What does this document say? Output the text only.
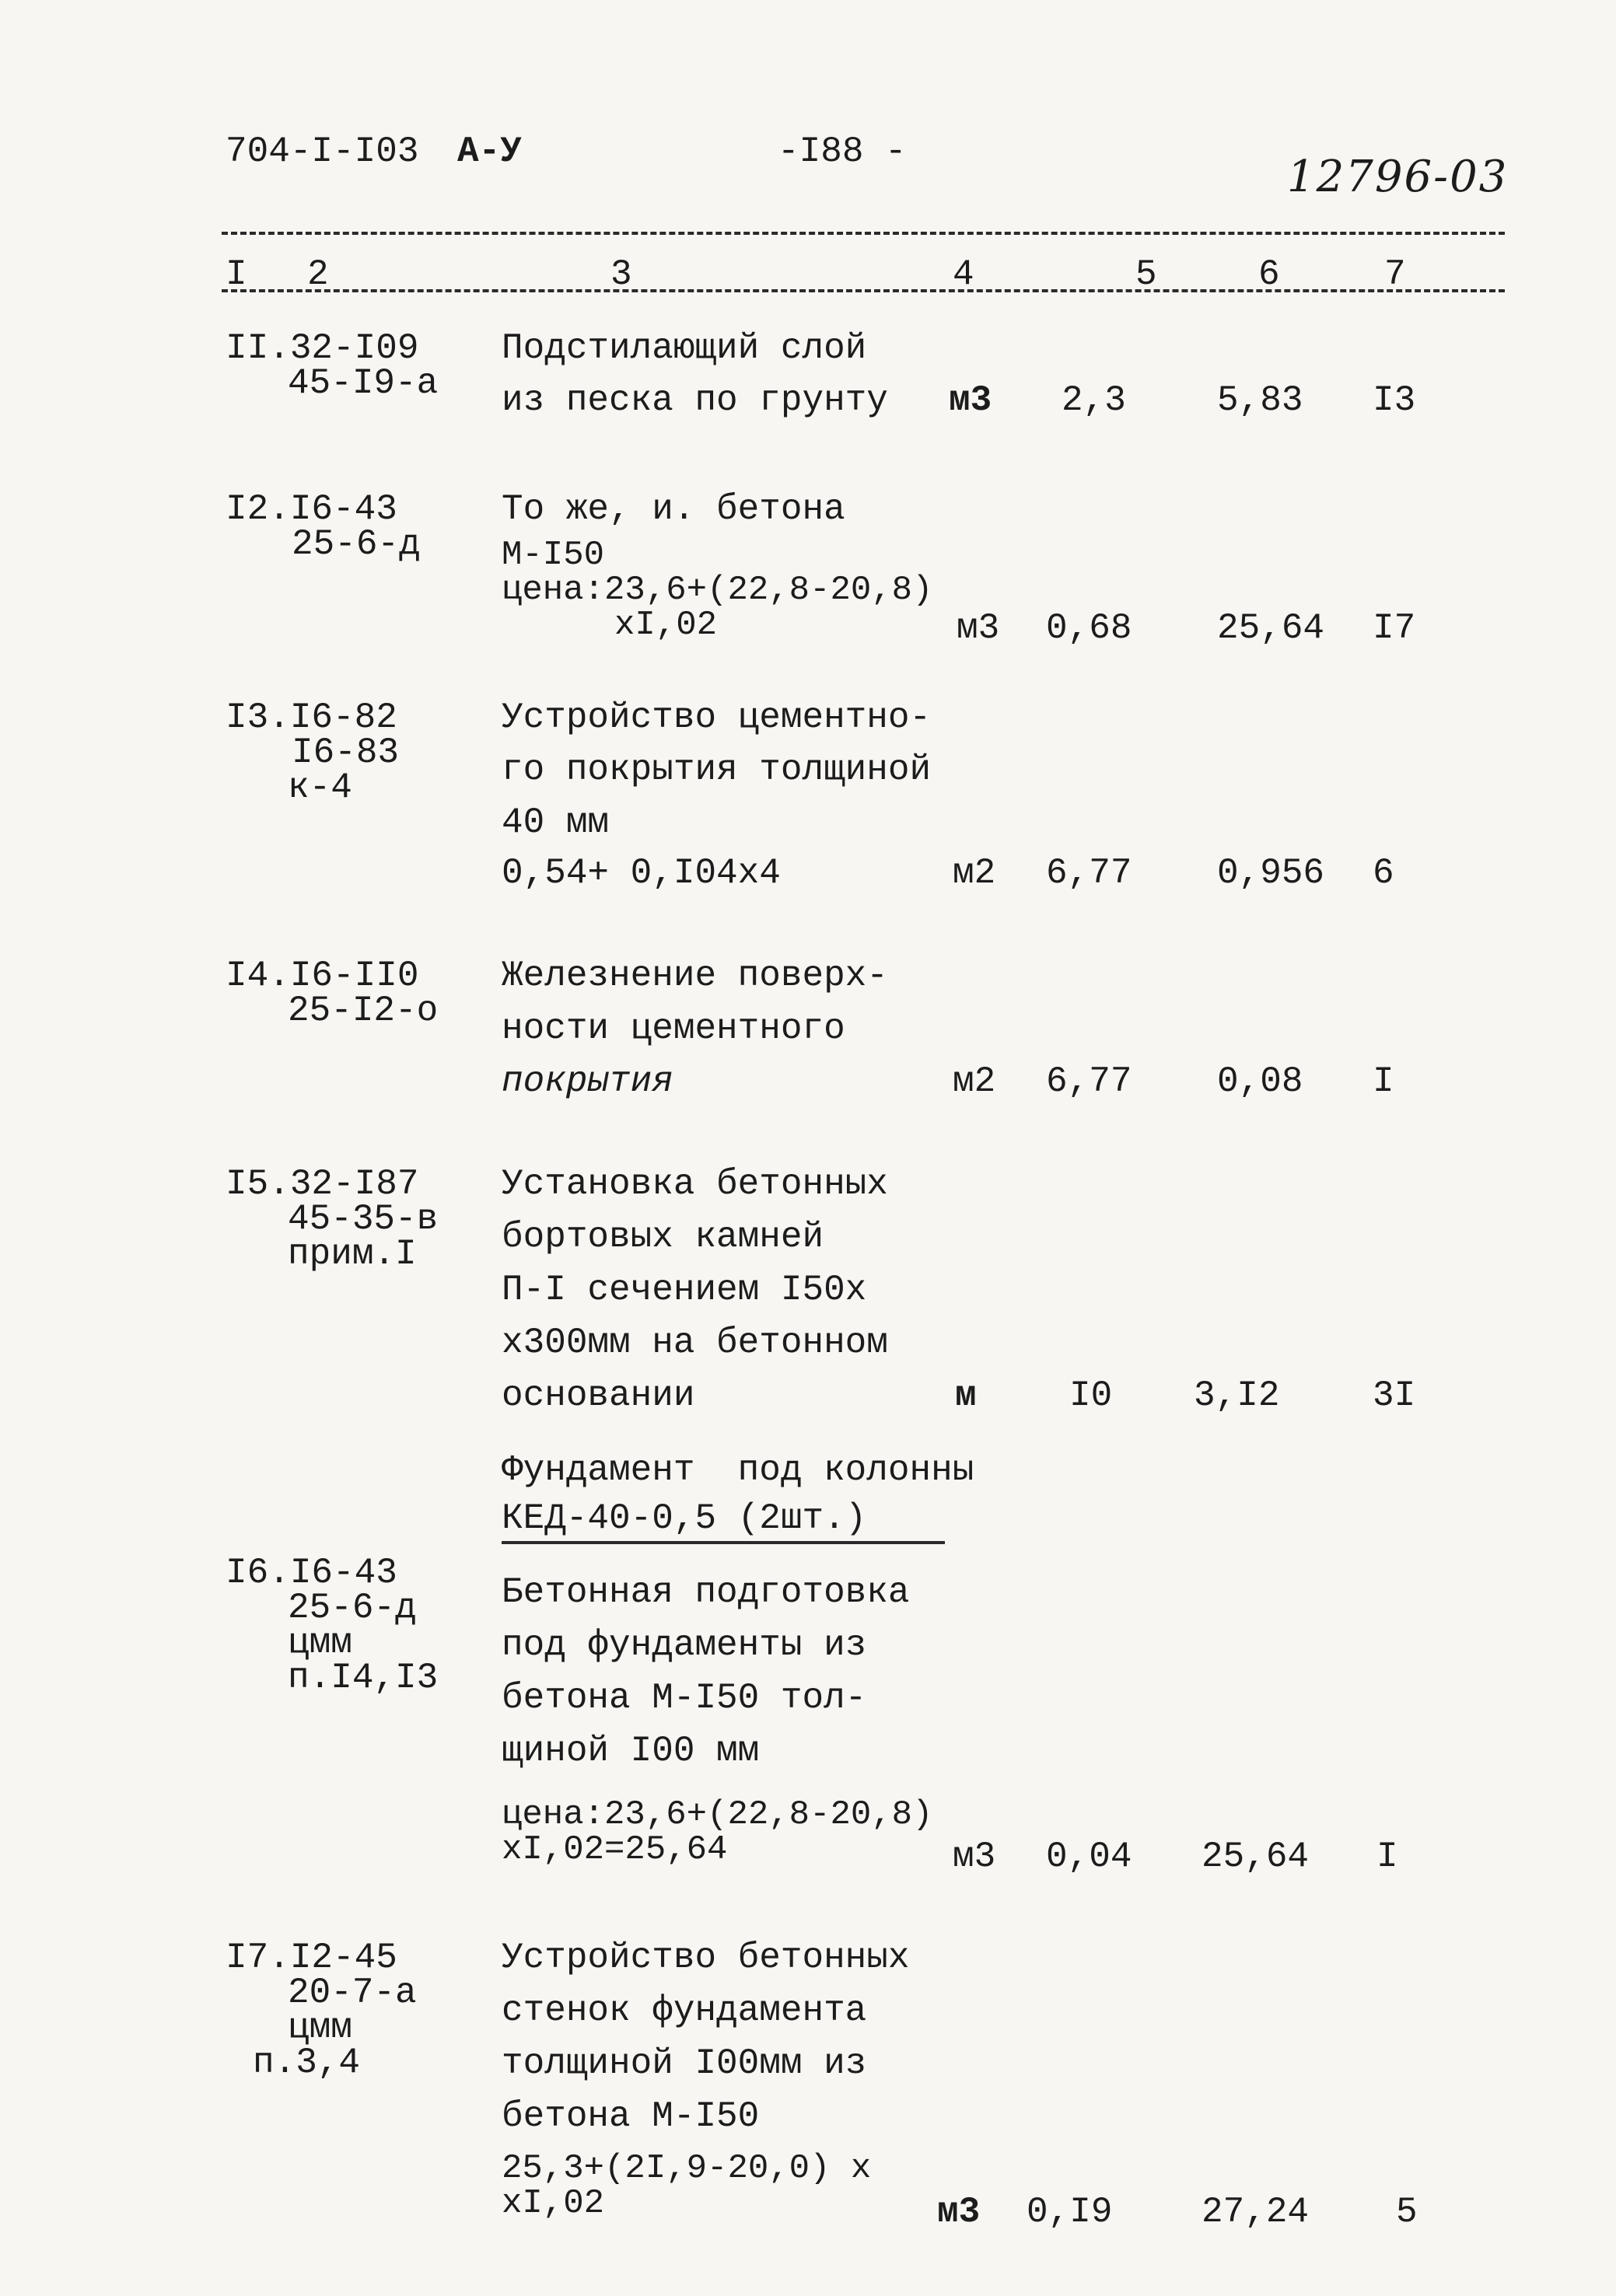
704-I-I03 А-У	-I88 -	12796-03
I 2	3	4	5	6	7
II.32-I09
45-I9-а
Подстилающий слой
из песка по грунту м3 2,3	5,83 I3
I2.I6-43
25-6-д
То же, и. бетона
М-I50
цена:23,6+(22,8-20,8)
xI,02	м3 0,68 25,64 I7
I3.I6-82
I6-83
к-4
Устройство цементно-
го покрытия толщиной
40 мм
0,54+ 0,I04x4	м2 6,77 0,956 6
I4.I6-II0
25-I2-о
Железнение поверх-
ности цементного
покрытия	м2 6,77 0,08 I
I5.32-I87
45-35-в
прим.I
Установка бетонных
бортовых камней
П-I сечением I50x
x300мм на бетонном
основании	м	I0 3,I2	3I
Фундамент  под колонны
КЕД-40-0,5 (2шт.)
I6.I6-43
25-6-д
цмм
п.I4,I3
Бетонная подготовка
под фундаменты из
бетона М-I50 тол-
щиной I00 мм
цена:23,6+(22,8-20,8)
xI,02=25,64	м3 0,04 25,64 I
I7.I2-45
20-7-а
цмм
п.3,4
Устройство бетонных
стенок фундамента
толщиной I00мм из
бетона М-I50
25,3+(2I,9-20,0) x
xI,02	м3 0,I9 27,24 5
